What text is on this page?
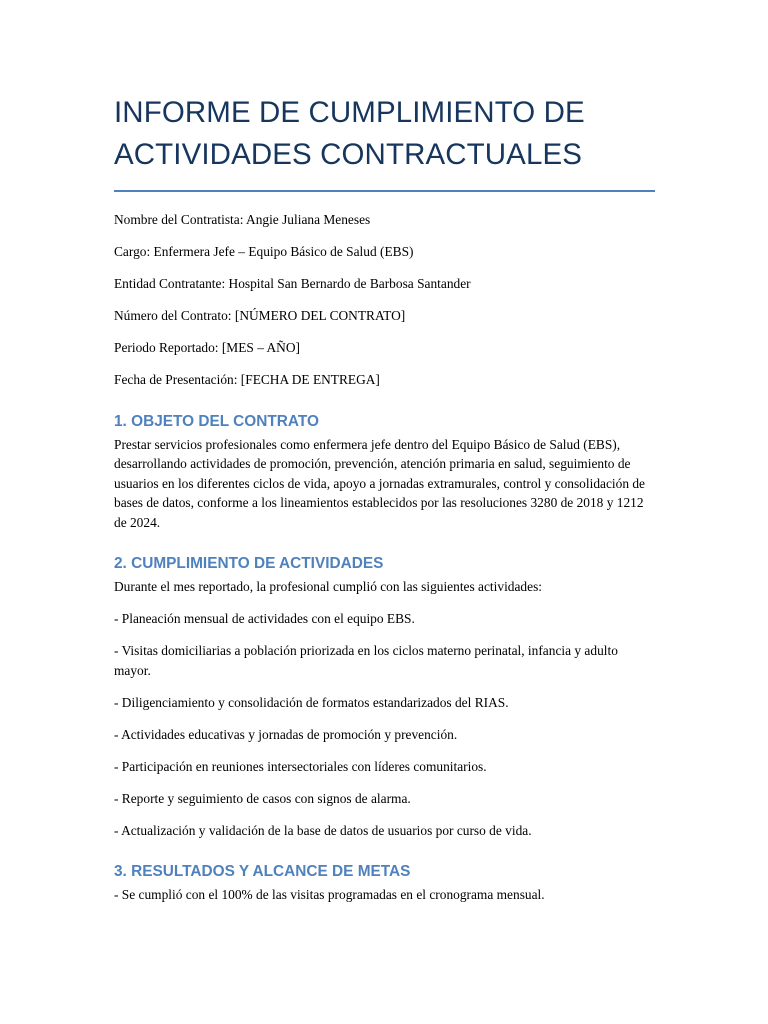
INFORME DE CUMPLIMIENTO DE
ACTIVIDADES CONTRACTUALES

Nombre del Contratista: Angie Juliana Meneses

Cargo: Enfermera Jefe – Equipo Básico de Salud (EBS)

Entidad Contratante: Hospital San Bernardo de Barbosa Santander

Número del Contrato: [NÚMERO DEL CONTRATO]

Periodo Reportado: [MES – AÑO]

Fecha de Presentación: [FECHA DE ENTREGA]

1. OBJETO DEL CONTRATO

Prestar servicios profesionales como enfermera jefe dentro del Equipo Básico de Salud (EBS), desarrollando actividades de promoción, prevención, atención primaria en salud, seguimiento de usuarios en los diferentes ciclos de vida, apoyo a jornadas extramurales, control y consolidación de bases de datos, conforme a los lineamientos establecidos por las resoluciones 3280 de 2018 y 1212 de 2024.

2. CUMPLIMIENTO DE ACTIVIDADES

Durante el mes reportado, la profesional cumplió con las siguientes actividades:

- Planeación mensual de actividades con el equipo EBS.

- Visitas domiciliarias a población priorizada en los ciclos materno perinatal, infancia y adulto mayor.

- Diligenciamiento y consolidación de formatos estandarizados del RIAS.

- Actividades educativas y jornadas de promoción y prevención.

- Participación en reuniones intersectoriales con líderes comunitarios.

- Reporte y seguimiento de casos con signos de alarma.

- Actualización y validación de la base de datos de usuarios por curso de vida.

3. RESULTADOS Y ALCANCE DE METAS

- Se cumplió con el 100% de las visitas programadas en el cronograma mensual.
